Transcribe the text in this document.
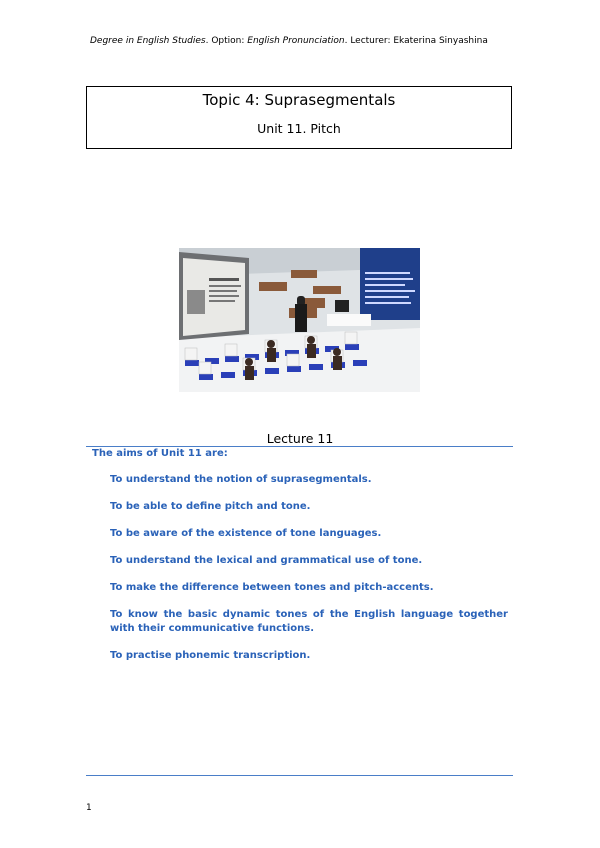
Degree in English Studies. Option: English Pronunciation. Lecturer: Ekaterina Sinyashina
Topic 4: Suprasegmentals
Unit 11. Pitch
Lecture 11
The aims of Unit 11 are:
To understand the notion of suprasegmentals.
To be able to define pitch and tone.
To be aware of the existence of tone languages.
To understand the lexical and grammatical use of tone.
To make the difference between tones and pitch-accents.
To know the basic dynamic tones of the English language together with their communicative functions.
To practise phonemic transcription.
1
